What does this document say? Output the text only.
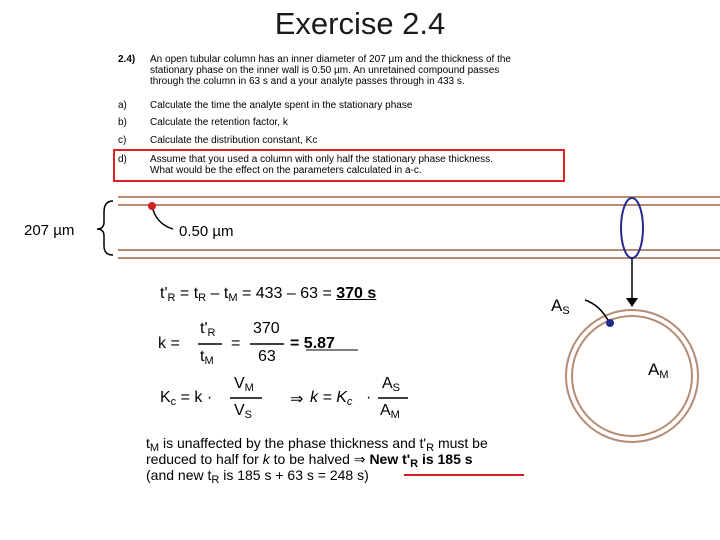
Exercise 2.4
2.4) An open tubular column has an inner diameter of 207 µm and the thickness of the
stationary phase on the inner wall is 0.50 µm. An unretained compound passes
through the column in 63 s and a your analyte passes through in 433 s.
a) Calculate the time the analyte spent in the stationary phase
b) Calculate the retention factor, k
c) Calculate the distribution constant, Kc
d) Assume that you used a column with only half the stationary phase thickness.
What would be the effect on the parameters calculated in a-c.
207 µm	0.50 µm
$A_S$
$A_M$
$t'_R = t_R - t_M = 433 - 63 = 370$ s
k =
$t'_R$
$t_M$
=
370
63
= 5.87
$K_c = k$ ·
$V_M$
$V_S$
⇒ $k = K_c$ ·
$A_S$
$A_M$
$t_M$ is unaffected by the phase thickness and $t'_R$ must be
reduced to half for k to be halved ⇒ New $t'_R$ is 185 s
(and new $t_R$ is 185 s + 63 s = 248 s)
